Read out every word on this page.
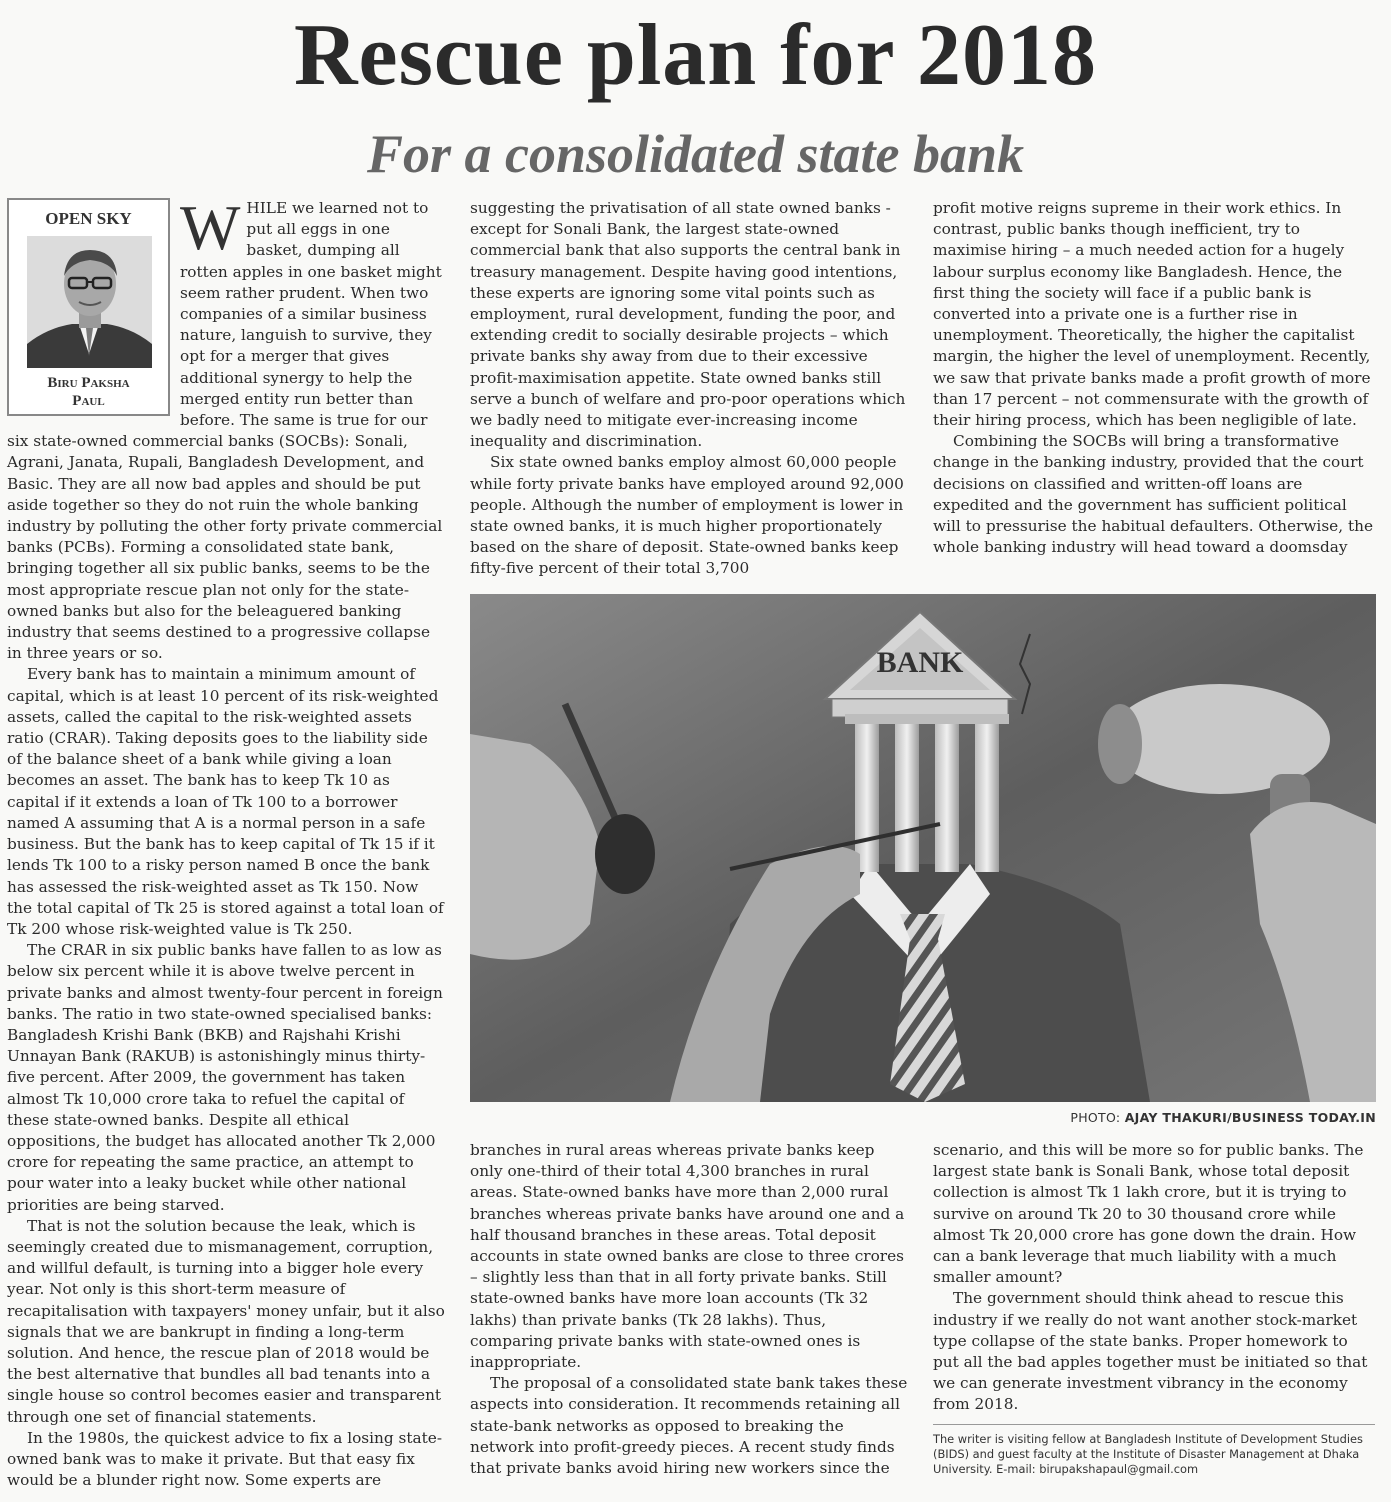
Rescue plan for 2018
For a consolidated state bank
OPEN SKY
Biru Paksha
Paul

WHILE we learned not to put all eggs in one basket, dumping all rotten apples in one basket might seem rather prudent. When two companies of a similar business nature, languish to survive, they opt for a merger that gives additional synergy to help the merged entity run better than before. The same is true for our six state-owned commercial banks (SOCBs): Sonali, Agrani, Janata, Rupali, Bangladesh Development, and Basic. They are all now bad apples and should be put aside together so they do not ruin the whole banking industry by polluting the other forty private commercial banks (PCBs). Forming a consolidated state bank, bringing together all six public banks, seems to be the most appropriate rescue plan not only for the state-owned banks but also for the beleaguered banking industry that seems destined to a progressive collapse in three years or so.

Every bank has to maintain a minimum amount of capital, which is at least 10 percent of its risk-weighted assets, called the capital to the risk-weighted assets ratio (CRAR). Taking deposits goes to the liability side of the balance sheet of a bank while giving a loan becomes an asset. The bank has to keep Tk 10 as capital if it extends a loan of Tk 100 to a borrower named A assuming that A is a normal person in a safe business. But the bank has to keep capital of Tk 15 if it lends Tk 100 to a risky person named B once the bank has assessed the risk-weighted asset as Tk 150. Now the total capital of Tk 25 is stored against a total loan of Tk 200 whose risk-weighted value is Tk 250.

The CRAR in six public banks have fallen to as low as below six percent while it is above twelve percent in private banks and almost twenty-four percent in foreign banks. The ratio in two state-owned specialised banks: Bangladesh Krishi Bank (BKB) and Rajshahi Krishi Unnayan Bank (RAKUB) is astonishingly minus thirty-five percent. After 2009, the government has taken almost Tk 10,000 crore taka to refuel the capital of these state-owned banks. Despite all ethical oppositions, the budget has allocated another Tk 2,000 crore for repeating the same practice, an attempt to pour water into a leaky bucket while other national priorities are being starved.

That is not the solution because the leak, which is seemingly created due to mismanagement, corruption, and willful default, is turning into a bigger hole every year. Not only is this short-term measure of recapitalisation with taxpayers' money unfair, but it also signals that we are bankrupt in finding a long-term solution. And hence, the rescue plan of 2018 would be the best alternative that bundles all bad tenants into a single house so control becomes easier and transparent through one set of financial statements.

In the 1980s, the quickest advice to fix a losing state-owned bank was to make it private. But that easy fix would be a blunder right now. Some experts are

suggesting the privatisation of all state owned banks - except for Sonali Bank, the largest state-owned commercial bank that also supports the central bank in treasury management. Despite having good intentions, these experts are ignoring some vital points such as employment, rural development, funding the poor, and extending credit to socially desirable projects – which private banks shy away from due to their excessive profit-maximisation appetite. State owned banks still serve a bunch of welfare and pro-poor operations which we badly need to mitigate ever-increasing income inequality and discrimination.

Six state owned banks employ almost 60,000 people while forty private banks have employed around 92,000 people. Although the number of employment is lower in state owned banks, it is much higher proportionately based on the share of deposit. State-owned banks keep fifty-five percent of their total 3,700

profit motive reigns supreme in their work ethics. In contrast, public banks though inefficient, try to maximise hiring – a much needed action for a hugely labour surplus economy like Bangladesh. Hence, the first thing the society will face if a public bank is converted into a private one is a further rise in unemployment. Theoretically, the higher the capitalist margin, the higher the level of unemployment. Recently, we saw that private banks made a profit growth of more than 17 percent – not commensurate with the growth of their hiring process, which has been negligible of late.

Combining the SOCBs will bring a transformative change in the banking industry, provided that the court decisions on classified and written-off loans are expedited and the government has sufficient political will to pressurise the habitual defaulters. Otherwise, the whole banking industry will head toward a doomsday

BANK
PHOTO: AJAY THAKURI/BUSINESS TODAY.IN

branches in rural areas whereas private banks keep only one-third of their total 4,300 branches in rural areas. State-owned banks have more than 2,000 rural branches whereas private banks have around one and a half thousand branches in these areas. Total deposit accounts in state owned banks are close to three crores – slightly less than that in all forty private banks. Still state-owned banks have more loan accounts (Tk 32 lakhs) than private banks (Tk 28 lakhs). Thus, comparing private banks with state-owned ones is inappropriate.

The proposal of a consolidated state bank takes these aspects into consideration. It recommends retaining all state-bank networks as opposed to breaking the network into profit-greedy pieces. A recent study finds that private banks avoid hiring new workers since the

scenario, and this will be more so for public banks. The largest state bank is Sonali Bank, whose total deposit collection is almost Tk 1 lakh crore, but it is trying to survive on around Tk 20 to 30 thousand crore while almost Tk 20,000 crore has gone down the drain. How can a bank leverage that much liability with a much smaller amount?

The government should think ahead to rescue this industry if we really do not want another stock-market type collapse of the state banks. Proper homework to put all the bad apples together must be initiated so that we can generate investment vibrancy in the economy from 2018.

The writer is visiting fellow at Bangladesh Institute of Development Studies (BIDS) and guest faculty at the Institute of Disaster Management at Dhaka University. E-mail: birupakshapaul@gmail.com
